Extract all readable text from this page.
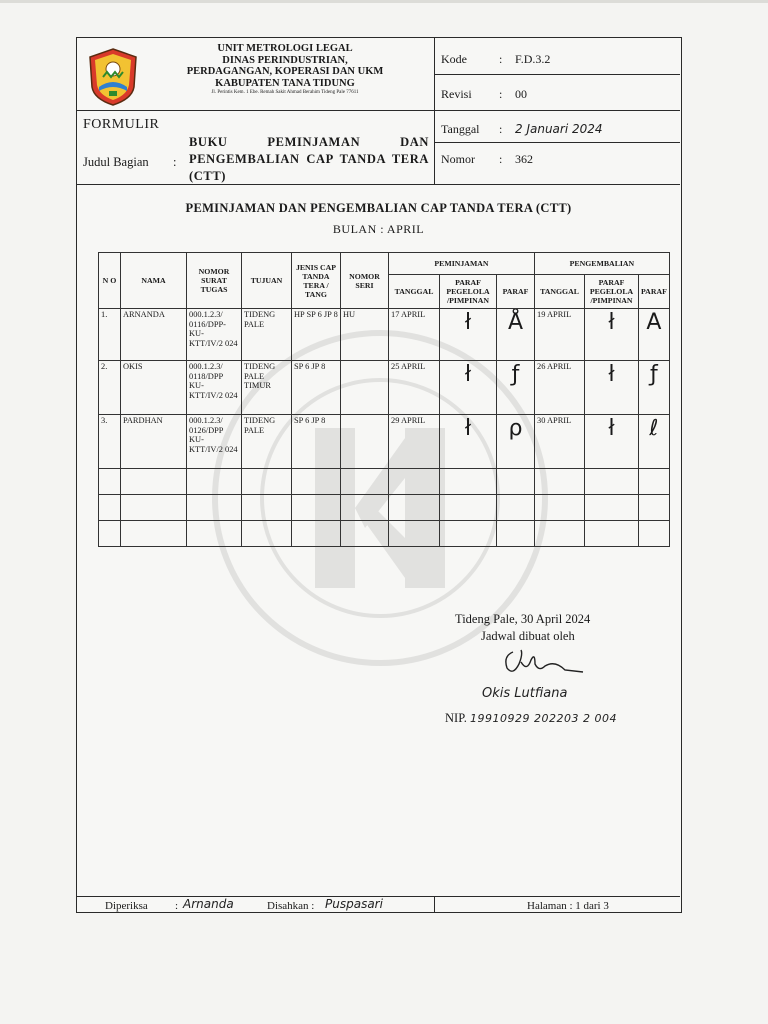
UNIT METROLOGI LEGAL
DINAS PERINDUSTRIAN,
PERDAGANGAN, KOPERASI DAN UKM
KABUPATEN TANA TIDUNG
Jl. Perintis Kem. 1 Ebe. Remah Sakit Ahmad Berahim Tideng Pale 77611
Kode	: F.D.3.2
Revisi : 00
Tanggal : 2 Januari 2024
Nomor : 362
FORMULIR
Judul Bagian :
BUKU PEMINJAMAN DAN PENGEMBALIAN CAP TANDA TERA (CTT)
PEMINJAMAN DAN PENGEMBALIAN CAP TANDA TERA (CTT)
BULAN : APRIL
N O	NAMA	NOMOR SURAT TUGAS	TUJUAN	JENIS CAP TANDA TERA / TANG	NOMOR SERI	PEMINJAMAN			PENGEMBALIAN		
						TANGGAL	PARAF PEGELOLA /PIMPINAN	PARAF	TANGGAL	PARAF PEGELOLA /PIMPINAN	PARAF
1.	ARNANDA	000.1.2.3/ 0116/DPP- KU- KTT/IV/2 024	TIDENG PALE	HP SP 6 JP 8	HU	17 APRIL	ł	Å	19 APRIL	ł	A

2.	OKIS	000.1.2.3/ 0118/DPP KU- KTT/IV/2 024	TIDENG PALE TIMUR	SP 6 JP 8		25 APRIL	ł	ƒ	26 APRIL	ł	ƒ

3.	PARDHAN	000.1.2.3/ 0126/DPP KU- KTT/IV/2 024	TIDENG PALE	SP 6 JP 8		29 APRIL	ł	ρ	30 APRIL	ł	ℓ

Tideng Pale, 30 April 2024
Jadwal dibuat oleh
Okis Lutfiana
NIP. 19910929 202203 2 004
Diperiksa : Arnanda	Disahkan : Puspasari	Halaman : 1 dari 3
